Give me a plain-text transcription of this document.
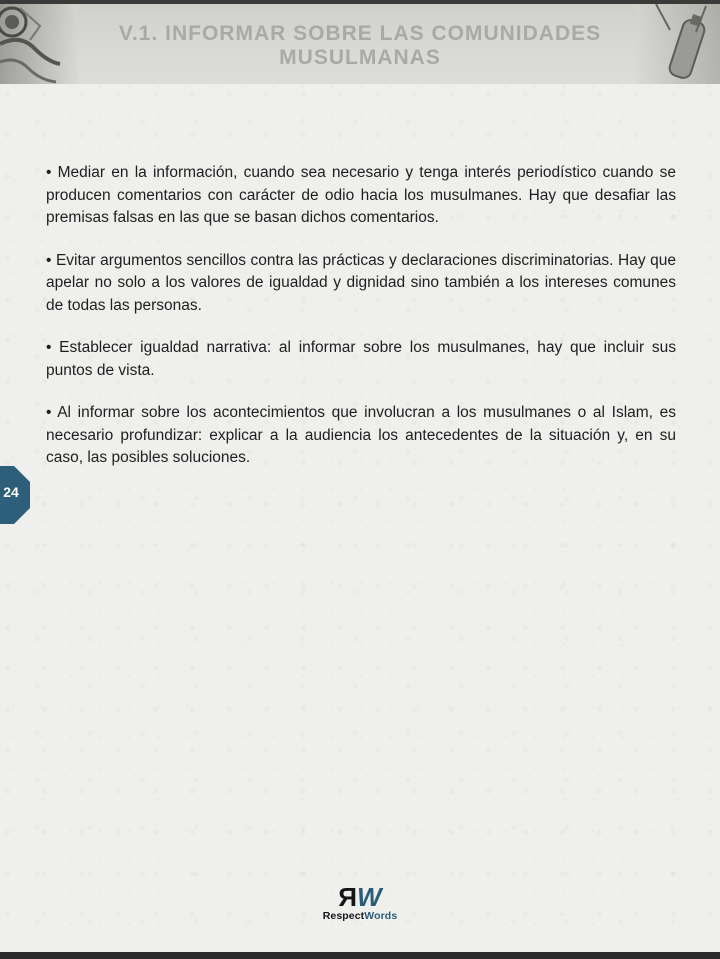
V.1. INFORMAR SOBRE LAS COMUNIDADES MUSULMANAS

• Mediar en la información, cuando sea necesario y tenga interés periodístico cuando se producen comentarios con carácter de odio hacia los musulmanes. Hay que desafiar las premisas falsas en las que se basan dichos comentarios.

• Evitar argumentos sencillos contra las prácticas y declaraciones discriminatorias. Hay que apelar no solo a los valores de igualdad y dignidad sino también a los intereses comunes de todas las personas.

• Establecer igualdad narrativa: al informar sobre los musulmanes, hay que incluir sus puntos de vista.

• Al informar sobre los acontecimientos que involucran a los musulmanes o al Islam, es necesario profundizar: explicar a la audiencia los antecedentes de la situación y, en su caso, las posibles soluciones.

24
R W
RespectWords
